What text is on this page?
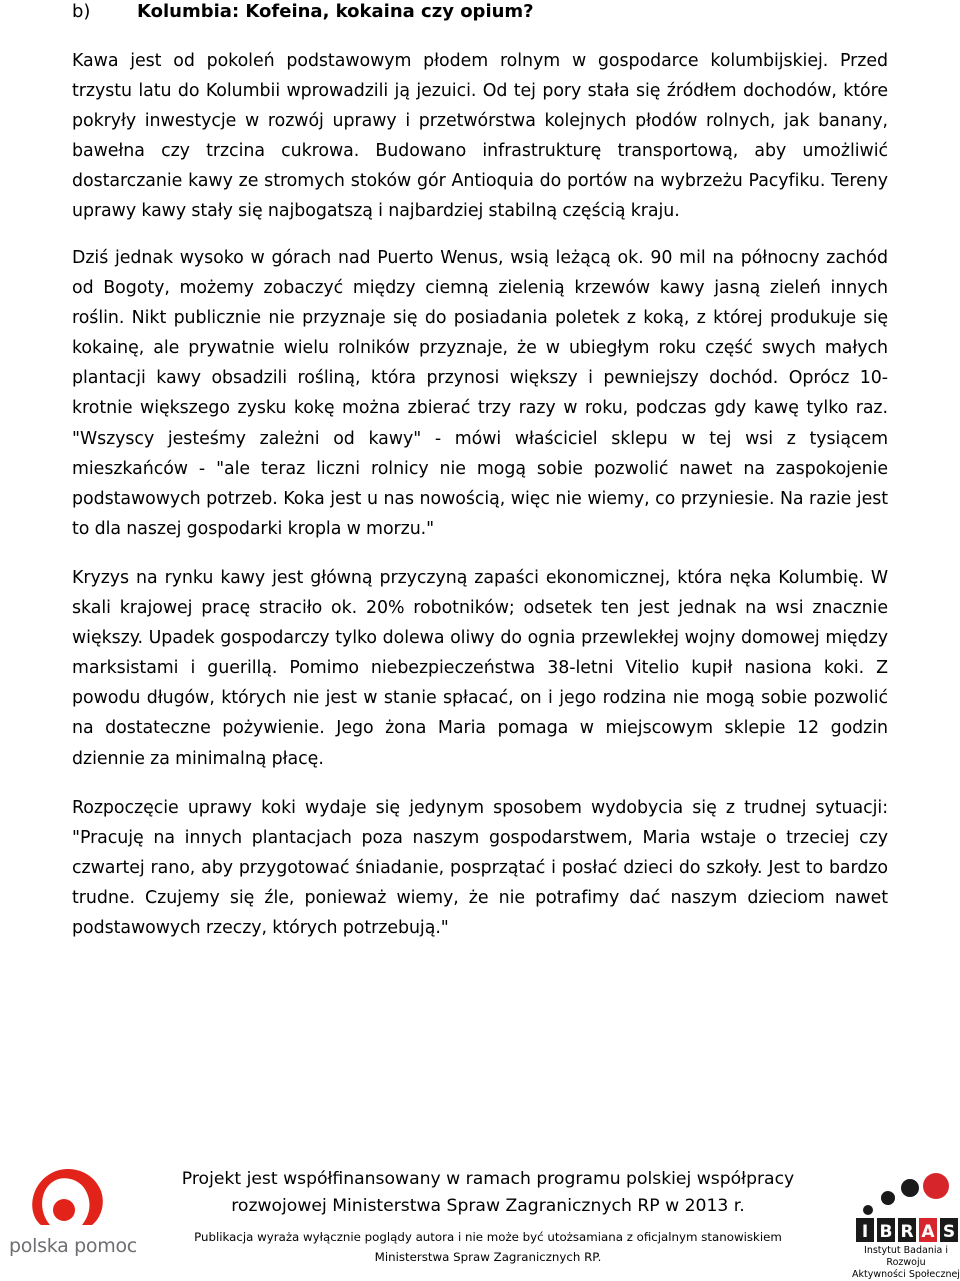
b)	Kolumbia: Kofeina, kokaina czy opium?

Kawa jest od pokoleń podstawowym płodem rolnym w gospodarce kolumbijskiej. Przed trzystu latu do Kolumbii wprowadzili ją jezuici. Od tej pory stała się źródłem dochodów, które pokryły inwestycje w rozwój uprawy i przetwórstwa kolejnych płodów rolnych, jak banany, bawełna czy trzcina cukrowa. Budowano infrastrukturę transportową, aby umożliwić dostarczanie kawy ze stromych stoków gór Antioquia do portów na wybrzeżu Pacyfiku. Tereny uprawy kawy stały się najbogatszą i najbardziej stabilną częścią kraju.

Dziś jednak wysoko w górach nad Puerto Wenus, wsią leżącą ok. 90 mil na północny zachód od Bogoty, możemy zobaczyć między ciemną zielenią krzewów kawy jasną zieleń innych roślin. Nikt publicznie nie przyznaje się do posiadania poletek z koką, z której produkuje się kokainę, ale prywatnie wielu rolników przyznaje, że w ubiegłym roku część swych małych plantacji kawy obsadzili rośliną, która przynosi większy i pewniejszy dochód. Oprócz 10-krotnie większego zysku kokę można zbierać trzy razy w roku, podczas gdy kawę tylko raz. "Wszyscy jesteśmy zależni od kawy" - mówi właściciel sklepu w tej wsi z tysiącem mieszkańców - "ale teraz liczni rolnicy nie mogą sobie pozwolić nawet na zaspokojenie podstawowych potrzeb. Koka jest u nas nowością, więc nie wiemy, co przyniesie. Na razie jest to dla naszej gospodarki kropla w morzu."

Kryzys na rynku kawy jest główną przyczyną zapaści ekonomicznej, która nęka Kolumbię. W skali krajowej pracę straciło ok. 20% robotników; odsetek ten jest jednak na wsi znacznie większy. Upadek gospodarczy tylko dolewa oliwy do ognia przewlekłej wojny domowej między marksistami i guerillą. Pomimo niebezpieczeństwa 38-letni Vitelio kupił nasiona koki. Z powodu długów, których nie jest w stanie spłacać, on i jego rodzina nie mogą sobie pozwolić na dostateczne pożywienie. Jego żona Maria pomaga w miejscowym sklepie 12 godzin dziennie za minimalną płacę.

Rozpoczęcie uprawy koki wydaje się jedynym sposobem wydobycia się z trudnej sytuacji: "Pracuję na innych plantacjach poza naszym gospodarstwem, Maria wstaje o trzeciej czy czwartej rano, aby przygotować śniadanie, posprzątać i posłać dzieci do szkoły. Jest to bardzo trudne. Czujemy się źle, ponieważ wiemy, że nie potrafimy dać naszym dzieciom nawet podstawowych rzeczy, których potrzebują."

polska pomoc
Projekt jest współfinansowany w ramach programu polskiej współpracy
rozwojowej Ministerstwa Spraw Zagranicznych RP w 2013 r.
Publikacja wyraża wyłącznie poglądy autora i nie może być utożsamiana z oficjalnym stanowiskiem
Ministerstwa Spraw Zagranicznych RP.
I B R A S
Instytut Badania i Rozwoju
Aktywności Społecznej
